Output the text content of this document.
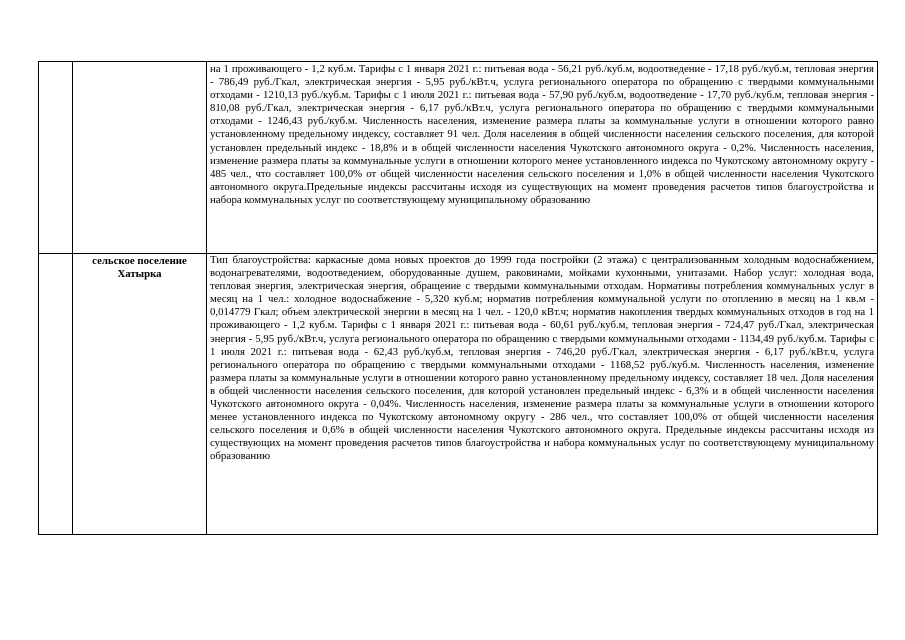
		на 1 проживающего - 1,2 куб.м. Тарифы с 1 января 2021 г.: питьевая вода - 56,21 руб./куб.м, водоотведение - 17,18 руб./куб.м, тепловая энергия - 786,49 руб./Гкал, электрическая энергия - 5,95 руб./кВт.ч, услуга регионального оператора по обращению с твердыми коммунальными отходами - 1210,13 руб./куб.м. Тарифы с 1 июля 2021 г.: питьевая вода - 57,90 руб./куб.м, водоотведение - 17,70 руб./куб.м, тепловая энергия - 810,08 руб./Гкал, электрическая энергия - 6,17 руб./кВт.ч, услуга регионального оператора по обращению с твердыми коммунальными отходами - 1246,43 руб./куб.м. Численность населения, изменение размера платы за коммунальные услуги в отношении которого равно установленному предельному индексу, составляет 91 чел. Доля населения в общей численности населения сельского поселения, для которой установлен предельный индекс - 18,8% и в общей численности населения Чукотского автономного округа - 0,2%. Численность населения, изменение размера платы за коммунальные услуги в отношении которого менее установленного индекса по Чукотскому автономному округу - 485 чел., что составляет 100,0% от общей численности населения сельского поселения и 1,0% в общей численности населения Чукотского автономного округа.Предельные индексы рассчитаны исходя из существующих на момент проведения расчетов типов благоустройства и набора коммунальных услуг по соответствующему муниципальному образованию
	сельское поселение Хатырка	Тип благоустройства: каркасные дома новых проектов до 1999 года постройки (2 этажа) с централизованным холодным водоснабжением, водонагревателями, водоотведением, оборудованные душем, раковинами, мойками кухонными, унитазами. Набор услуг: холодная вода, тепловая энергия, электрическая энергия, обращение с твердыми коммунальными отходам. Нормативы потребления коммунальных услуг в месяц на 1 чел.: холодное водоснабжение - 5,320 куб.м; норматив потребления коммунальной услуги по отоплению в месяц на 1 кв.м - 0,014779 Гкал; объем электрической энергии в месяц на 1 чел. - 120,0 кВт.ч; норматив накопления твердых коммунальных отходов в год на 1 проживающего - 1,2 куб.м. Тарифы с 1 января 2021 г.: питьевая вода - 60,61 руб./куб.м, тепловая энергия - 724,47 руб./Гкал, электрическая энергия - 5,95 руб./кВт.ч, услуга регионального оператора по обращению с твердыми коммунальными отходами - 1134,49 руб./куб.м. Тарифы с 1 июля 2021 г.: питьевая вода - 62,43 руб./куб.м, тепловая энергия - 746,20 руб./Гкал, электрическая энергия - 6,17 руб./кВт.ч, услуга регионального оператора по обращению с твердыми коммунальными отходами - 1168,52 руб./куб.м. Численность населения, изменение размера платы за коммунальные услуги в отношении которого равно установленному предельному индексу, составляет 18 чел. Доля населения в общей численности населения сельского поселения, для которой установлен предельный индекс - 6,3% и в общей численности населения Чукотского автономного округа - 0,04%. Численность населения, изменение размера платы за коммунальные услуги в отношении которого менее установленного индекса по Чукотскому автономному округу - 286 чел., что составляет 100,0% от общей численности населения сельского поселения и 0,6% в общей численности населения Чукотского автономного округа. Предельные индексы рассчитаны исходя из существующих на момент проведения расчетов типов благоустройства и набора коммунальных услуг по соответствующему муниципальному образованию
